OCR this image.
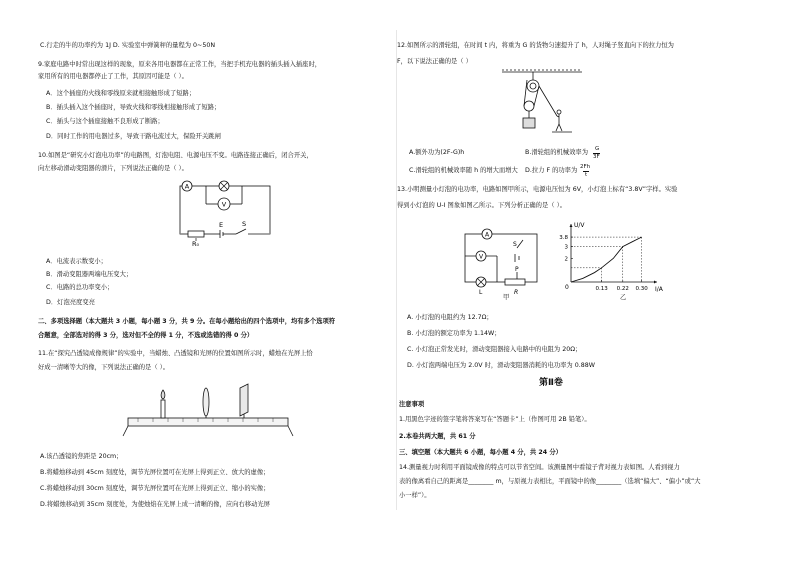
C.行走的牛的功率约为 1J D. 实验室中弹簧秤的量程为 0~50N
9.家庭电路中时常出现这样的现象，原来各用电器都在正常工作，当把手机充电器的插头插入插座时，
家用所有的用电器都停止了工作，其原因可能是（ ）。
A．这个插座的火线和零线原来就相接触形成了短路；
B．插头插入这个插座时，导致火线和零线相接触形成了短路；
C．插头与这个插座接触不良形成了断路；
D．同时工作的用电器过多，导致干路电流过大，保险开关跳闸
10.如图是“研究小灯泡电功率”的电路图，灯泡电阻、电源电压不变。电路连接正确后，闭合开关，
向左移动滑动变阻器的滑片，下列说法正确的是（ ）。
A
V
R₀
E	S
A．电流表示数变小；
B．滑动变阻器两端电压变大；
C．电路的总功率变小；
D．灯泡亮度变亮
二、多项选择题（本大题共 3 小题，每小题 3 分，共 9 分。在每小题给出的四个选项中，均有多个选项符
合题意，全部选对的得 3 分，选对但不全的得 1 分，不选或选错的得 0 分）
11.在“探究凸透镜成像规律”的实验中，当蜡烛、凸透镜和光屏的位置如图所示时，蜡烛在光屏上恰
好成一清晰等大的像，下列说法正确的是（ ）。
A.该凸透镜的焦距是 20cm；
B.将蜡烛移动到 45cm 刻度处，调节光屏位置可在光屏上得到正立、放大的虚像；
C.将蜡烛移动到 30cm 刻度处，调节光屏位置可在光屏上得到正立、缩小的实像；
D.将蜡烛移动到 35cm 刻度处，为使烛焰在光屏上成一清晰的像，应向右移动光屏
12.如图所示的滑轮组，在时间 t 内，将重为 G 的货物匀速提升了 h，人对绳子竖直向下的拉力恒为
F，以下说法正确的是（ ）
A.额外功为(2F-G)h	B.滑轮组的机械效率为 G
3F
C.滑轮组的机械效率随 h 的增大而增大 D.拉力 F 的功率为 2Fh
t
13.小明测量小灯泡的电功率，电路如图甲所示，电源电压恒为 6V，小灯泡上标有“3.8V”字样。实验
得到小灯泡的 U-I 图象如图乙所示。下列分析正确的是（ ）。
A
V
L
S
P
R
甲
I/A
U/V
0	0.13 0.22 0.30
3.8
3
2
乙
A. 小灯泡的电阻约为 12.7Ω；
B. 小灯泡的额定功率为 1.14W；
C. 小灯泡正常发光时，滑动变阻器接入电路中的电阻为 20Ω；
D. 小灯泡两端电压为 2.0V 时，滑动变阻器消耗的电功率为 0.88W
第Ⅱ卷
注意事项
1.用黑色字迹的签字笔将答案写在“答题卡”上（作图可用 2B 铅笔）。
2.本卷共两大题，共 61 分
三、填空题（本大题共 6 小题，每小题 4 分，共 24 分）
14.测量视力时利用平面镜成像的特点可以节省空间。该测量图中看镜子背对视力表如图。人看到视力
表的像离看自己的距离是________ m，与原视力表相比，平面镜中的像________（选填“偏大”、“偏小”或“大
小一样”）。
